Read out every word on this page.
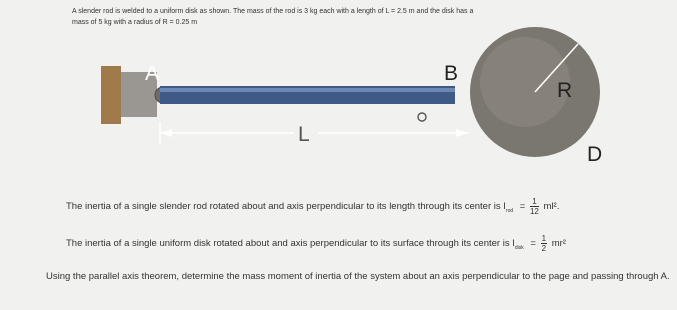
A slender rod is welded to a uniform disk as shown. The mass of the rod is 3 kg each with a length of L = 2.5 m and the disk has a
mass of 5 kg with a radius of R = 0.25 m
A	B
R
L
D
The inertia of a single slender rod rotated about and axis perpendicular to its length through its center is $I_{rod} = \frac{1}{12} ml^2$.
The inertia of a single uniform disk rotated about and axis perpendicular to its surface through its center is $I_{disk} = \frac{1}{2} mr^2$
Using the parallel axis theorem, determine the mass moment of inertia of the system about an axis perpendicular to the page and passing through A.
